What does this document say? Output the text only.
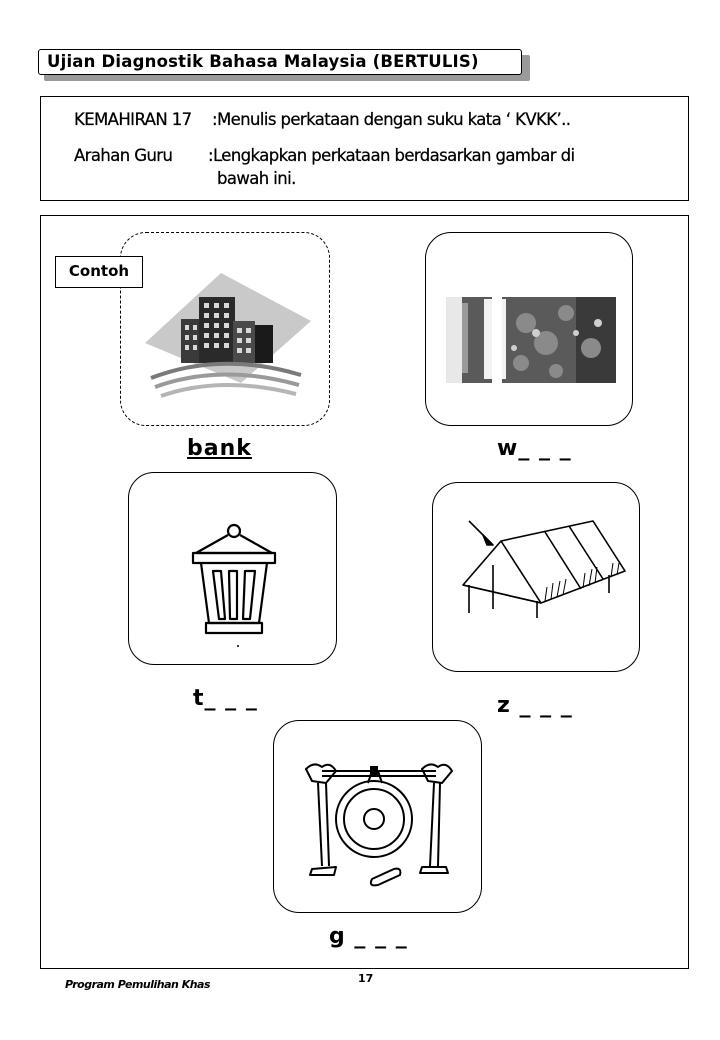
Ujian Diagnostik Bahasa Malaysia (BERTULIS)
KEMAHIRAN 17 :Menulis perkataan dengan suku kata ‘ KVKK’..
Arahan Guru :Lengkapkan perkataan berdasarkan gambar di
bawah ini.
Contoh
bank	w_ _ _
t_ _ _	z _ _ _
g _ _ _
Program Pemulihan Khas	17
